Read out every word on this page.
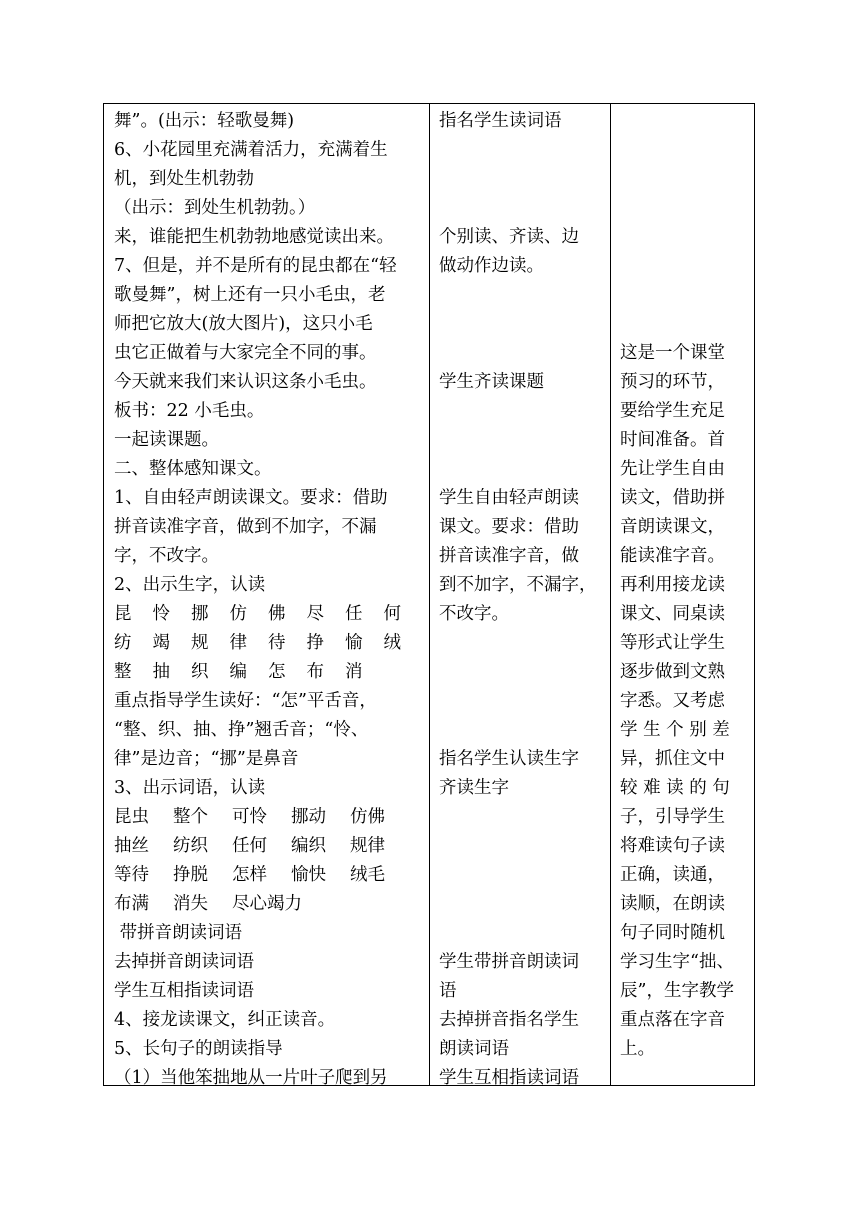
舞”。(出示：轻歌曼舞)
6、小花园里充满着活力，充满着生
机，到处生机勃勃
（出示：到处生机勃勃。）
来，谁能把生机勃勃地感觉读出来。
7、但是，并不是所有的昆虫都在“轻
歌曼舞”，树上还有一只小毛虫，老
师把它放大(放大图片)，这只小毛
虫它正做着与大家完全不同的事。
今天就来我们来认识这条小毛虫。
板书：22 小毛虫。
一起读课题。
二、整体感知课文。
1、自由轻声朗读课文。要求：借助
拼音读准字音，做到不加字，不漏
字，不改字。
2、出示生字，认读
昆 怜 挪 仿 佛 尽 任 何
纺 竭 规 律 待 挣 愉 绒
整 抽 织 编 怎 布 消
重点指导学生读好：“怎”平舌音，
“整、织、抽、挣”翘舌音；“怜、
律”是边音；“挪”是鼻音
3、出示词语，认读
昆虫 整个 可怜 挪动 仿佛
抽丝 纺织 任何 编织 规律
等待 挣脱 怎样 愉快 绒毛
布满 消失 尽心竭力
带拼音朗读词语
去掉拼音朗读词语
学生互相指读词语
4、接龙读课文，纠正读音。
5、长句子的朗读指导
（1）当他笨拙地从一片叶子爬到另
指名学生读词语
个别读、齐读、边
做动作边读。
学生齐读课题
学生自由轻声朗读
课文。要求：借助
拼音读准字音，做
到不加字，不漏字，
不改字。
指名学生认读生字
齐读生字
学生带拼音朗读词
语
去掉拼音指名学生
朗读词语
学生互相指读词语
这是一个课堂
预习的环节，
要给学生充足
时间准备。首
先让学生自由
读文，借助拼
音朗读课文，
能读准字音。
再利用接龙读
课文、同桌读
等形式让学生
逐步做到文熟
字悉。又考虑
学 生 个 别 差
异，抓住文中
较 难 读 的 句
子，引导学生
将难读句子读
正确，读通，
读顺，在朗读
句子同时随机
学习生字“拙、
辰”，生字教学
重点落在字音
上。
